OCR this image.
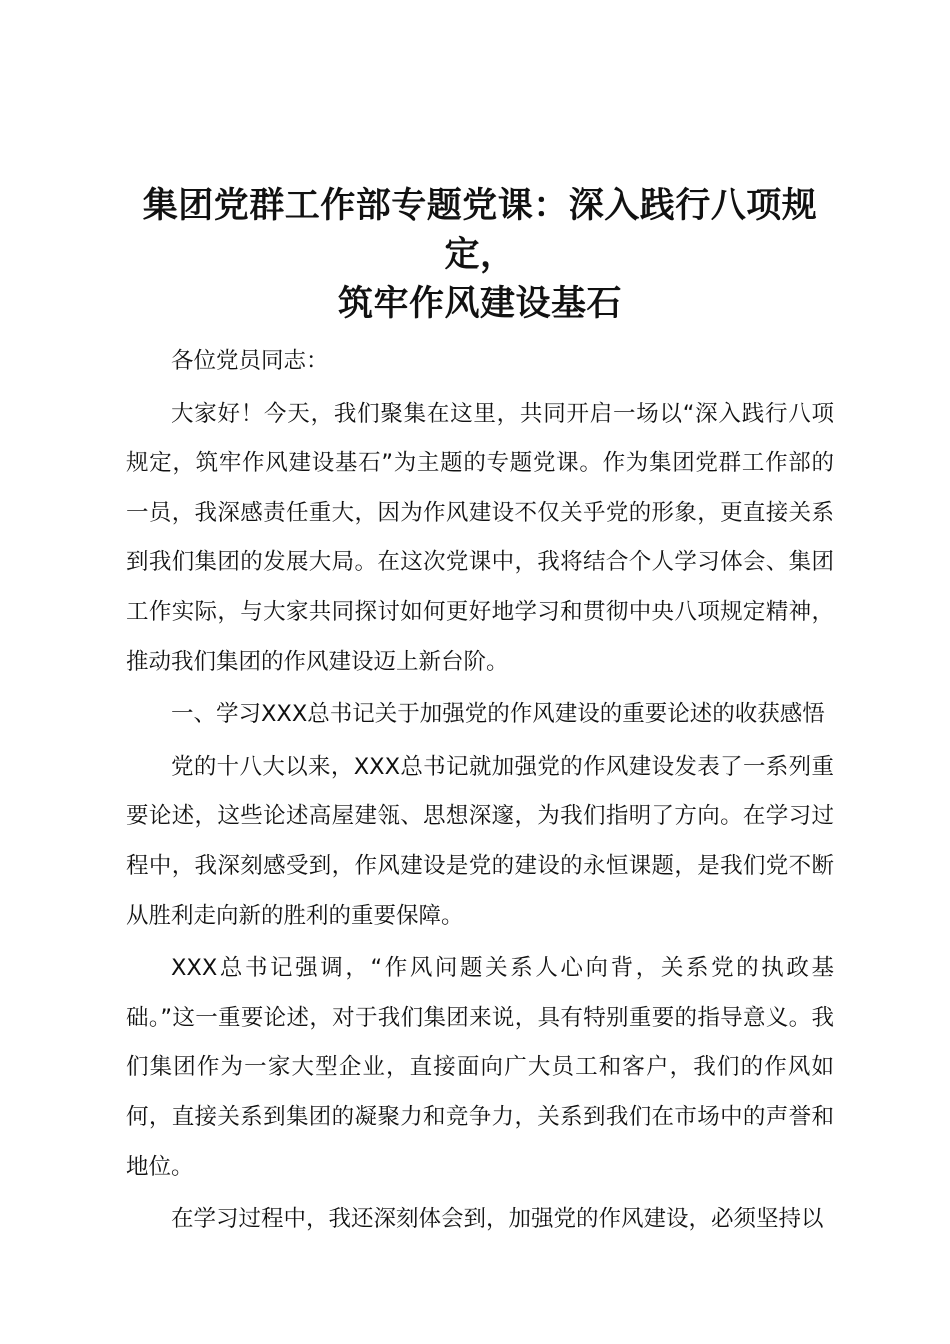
集团党群工作部专题党课：深入践行八项规定，
筑牢作风建设基石

各位党员同志：

大家好！今天，我们聚集在这里，共同开启一场以“深入践行八项规定，筑牢作风建设基石”为主题的专题党课。作为集团党群工作部的一员，我深感责任重大，因为作风建设不仅关乎党的形象，更直接关系到我们集团的发展大局。在这次党课中，我将结合个人学习体会、集团工作实际，与大家共同探讨如何更好地学习和贯彻中央八项规定精神，推动我们集团的作风建设迈上新台阶。

一、学习XXX总书记关于加强党的作风建设的重要论述的收获感悟

党的十八大以来，XXX总书记就加强党的作风建设发表了一系列重要论述，这些论述高屋建瓴、思想深邃，为我们指明了方向。在学习过程中，我深刻感受到，作风建设是党的建设的永恒课题，是我们党不断从胜利走向新的胜利的重要保障。

XXX总书记强调，“作风问题关系人心向背，关系党的执政基础。”这一重要论述，对于我们集团来说，具有特别重要的指导意义。我们集团作为一家大型企业，直接面向广大员工和客户，我们的作风如何，直接关系到集团的凝聚力和竞争力，关系到我们在市场中的声誉和地位。

在学习过程中，我还深刻体会到，加强党的作风建设，必须坚持以
